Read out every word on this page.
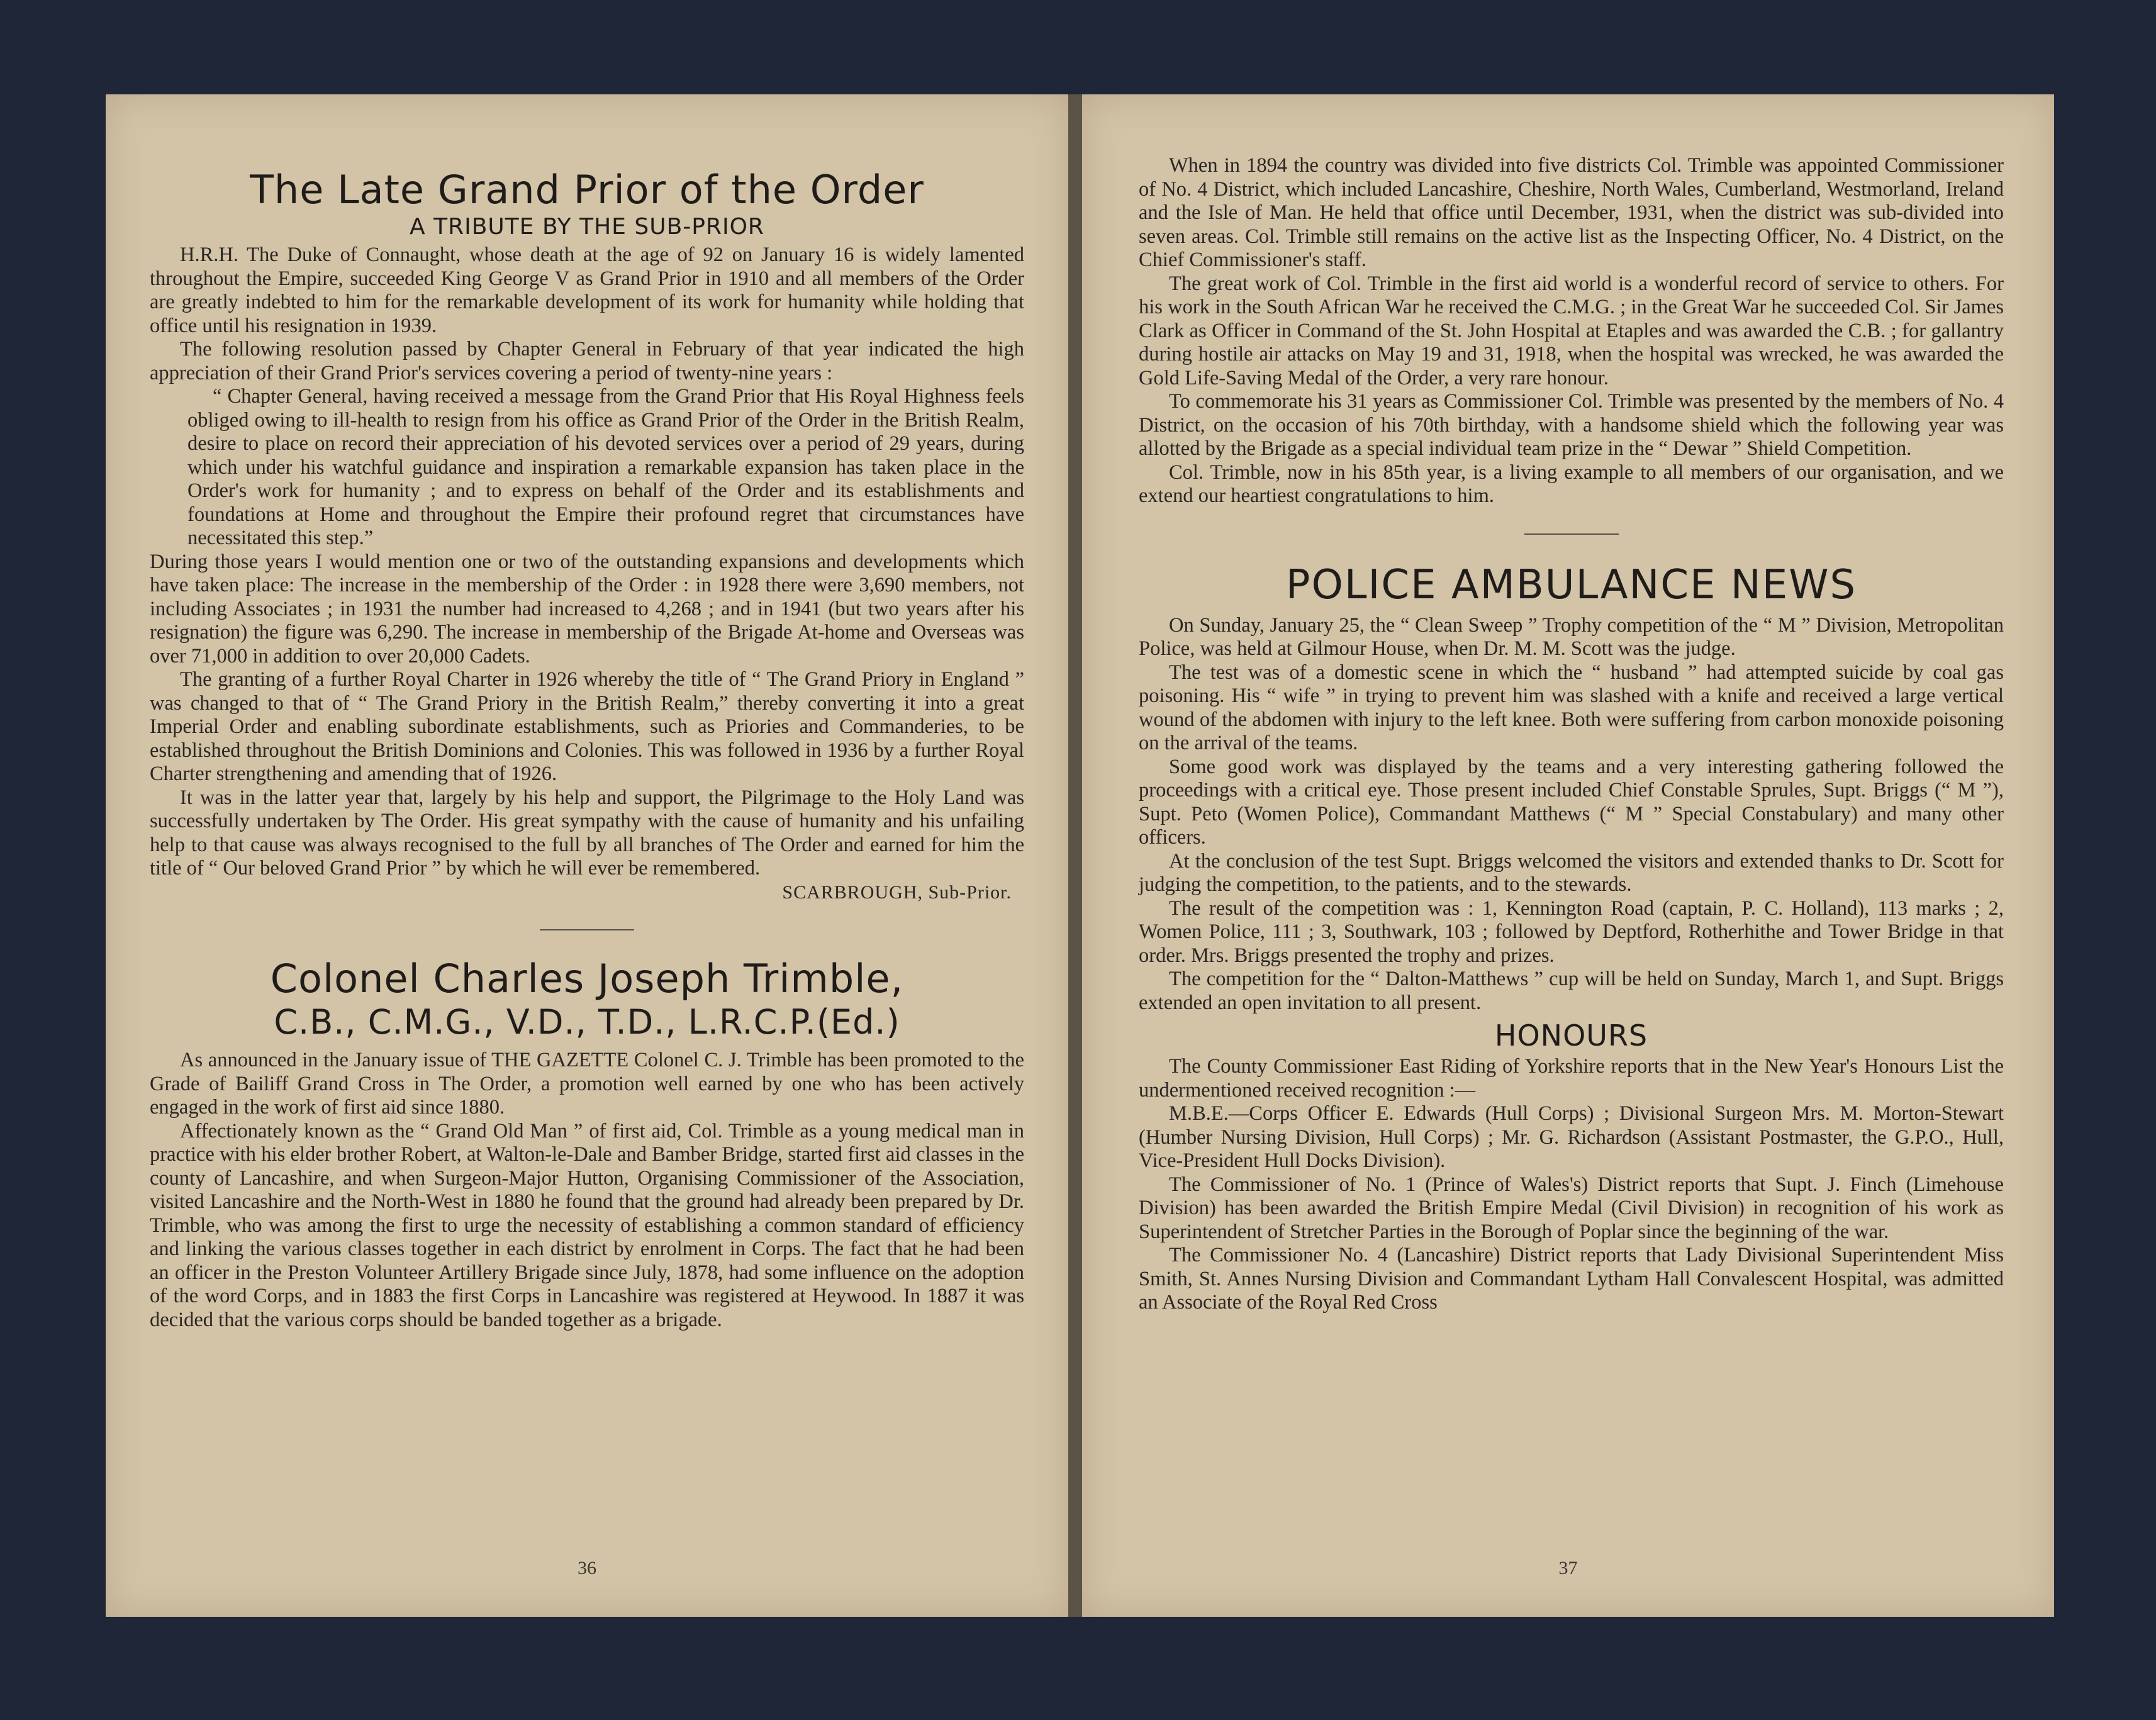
The Late Grand Prior of the Order
A TRIBUTE BY THE SUB-PRIOR

H.R.H. The Duke of Connaught, whose death at the age of 92 on January 16 is widely lamented throughout the Empire, succeeded King George V as Grand Prior in 1910 and all members of the Order are greatly indebted to him for the remarkable development of its work for humanity while holding that office until his resignation in 1939.

The following resolution passed by Chapter General in February of that year indicated the high appreciation of their Grand Prior's services covering a period of twenty-nine years :

“ Chapter General, having received a message from the Grand Prior that His Royal Highness feels obliged owing to ill-health to resign from his office as Grand Prior of the Order in the British Realm, desire to place on record their appreciation of his devoted services over a period of 29 years, during which under his watchful guidance and inspiration a remarkable expansion has taken place in the Order's work for humanity ; and to express on behalf of the Order and its establishments and foundations at Home and throughout the Empire their profound regret that circumstances have necessitated this step.”

During those years I would mention one or two of the outstanding expansions and developments which have taken place: The increase in the membership of the Order : in 1928 there were 3,690 members, not including Associates ; in 1931 the number had increased to 4,268 ; and in 1941 (but two years after his resignation) the figure was 6,290. The increase in membership of the Brigade At-home and Overseas was over 71,000 in addition to over 20,000 Cadets.

The granting of a further Royal Charter in 1926 whereby the title of “ The Grand Priory in England ” was changed to that of “ The Grand Priory in the British Realm,” thereby converting it into a great Imperial Order and enabling subordinate establishments, such as Priories and Commanderies, to be established throughout the British Dominions and Colonies. This was followed in 1936 by a further Royal Charter strengthening and amending that of 1926.

It was in the latter year that, largely by his help and support, the Pilgrimage to the Holy Land was successfully undertaken by The Order. His great sympathy with the cause of humanity and his unfailing help to that cause was always recognised to the full by all branches of The Order and earned for him the title of “ Our beloved Grand Prior ” by which he will ever be remembered.

SCARBROUGH, Sub-Prior.

Colonel Charles Joseph Trimble,
C.B., C.M.G., V.D., T.D., L.R.C.P.(Ed.)

As announced in the January issue of THE GAZETTE Colonel C. J. Trimble has been promoted to the Grade of Bailiff Grand Cross in The Order, a promotion well earned by one who has been actively engaged in the work of first aid since 1880.

Affectionately known as the “ Grand Old Man ” of first aid, Col. Trimble as a young medical man in practice with his elder brother Robert, at Walton-le-Dale and Bamber Bridge, started first aid classes in the county of Lancashire, and when Surgeon-Major Hutton, Organising Commissioner of the Association, visited Lancashire and the North-West in 1880 he found that the ground had already been prepared by Dr. Trimble, who was among the first to urge the necessity of establishing a common standard of efficiency and linking the various classes together in each district by enrolment in Corps. The fact that he had been an officer in the Preston Volunteer Artillery Brigade since July, 1878, had some influence on the adoption of the word Corps, and in 1883 the first Corps in Lancashire was registered at Heywood. In 1887 it was decided that the various corps should be banded together as a brigade.

36

When in 1894 the country was divided into five districts Col. Trimble was appointed Commissioner of No. 4 District, which included Lancashire, Cheshire, North Wales, Cumberland, Westmorland, Ireland and the Isle of Man. He held that office until December, 1931, when the district was sub-divided into seven areas. Col. Trimble still remains on the active list as the Inspecting Officer, No. 4 District, on the Chief Commissioner's staff.

The great work of Col. Trimble in the first aid world is a wonderful record of service to others. For his work in the South African War he received the C.M.G. ; in the Great War he succeeded Col. Sir James Clark as Officer in Command of the St. John Hospital at Etaples and was awarded the C.B. ; for gallantry during hostile air attacks on May 19 and 31, 1918, when the hospital was wrecked, he was awarded the Gold Life-Saving Medal of the Order, a very rare honour.

To commemorate his 31 years as Commissioner Col. Trimble was presented by the members of No. 4 District, on the occasion of his 70th birthday, with a handsome shield which the following year was allotted by the Brigade as a special individual team prize in the “ Dewar ” Shield Competition.

Col. Trimble, now in his 85th year, is a living example to all members of our organisation, and we extend our heartiest congratulations to him.

POLICE AMBULANCE NEWS

On Sunday, January 25, the “ Clean Sweep ” Trophy competition of the “ M ” Division, Metropolitan Police, was held at Gilmour House, when Dr. M. M. Scott was the judge.

The test was of a domestic scene in which the “ husband ” had attempted suicide by coal gas poisoning. His “ wife ” in trying to prevent him was slashed with a knife and received a large vertical wound of the abdomen with injury to the left knee. Both were suffering from carbon monoxide poisoning on the arrival of the teams.

Some good work was displayed by the teams and a very interesting gathering followed the proceedings with a critical eye. Those present included Chief Constable Sprules, Supt. Briggs (“ M ”), Supt. Peto (Women Police), Commandant Matthews (“ M ” Special Constabulary) and many other officers.

At the conclusion of the test Supt. Briggs welcomed the visitors and extended thanks to Dr. Scott for judging the competition, to the patients, and to the stewards.

The result of the competition was : 1, Kennington Road (captain, P. C. Holland), 113 marks ; 2, Women Police, 111 ; 3, Southwark, 103 ; followed by Deptford, Rotherhithe and Tower Bridge in that order. Mrs. Briggs presented the trophy and prizes.

The competition for the “ Dalton-Matthews ” cup will be held on Sunday, March 1, and Supt. Briggs extended an open invitation to all present.

HONOURS

The County Commissioner East Riding of Yorkshire reports that in the New Year's Honours List the undermentioned received recognition :—

M.B.E.—Corps Officer E. Edwards (Hull Corps) ; Divisional Surgeon Mrs. M. Morton-Stewart (Humber Nursing Division, Hull Corps) ; Mr. G. Richardson (Assistant Postmaster, the G.P.O., Hull, Vice-President Hull Docks Division).

The Commissioner of No. 1 (Prince of Wales's) District reports that Supt. J. Finch (Limehouse Division) has been awarded the British Empire Medal (Civil Division) in recognition of his work as Superintendent of Stretcher Parties in the Borough of Poplar since the beginning of the war.

The Commissioner No. 4 (Lancashire) District reports that Lady Divisional Superintendent Miss Smith, St. Annes Nursing Division and Commandant Lytham Hall Convalescent Hospital, was admitted an Associate of the Royal Red Cross

37
